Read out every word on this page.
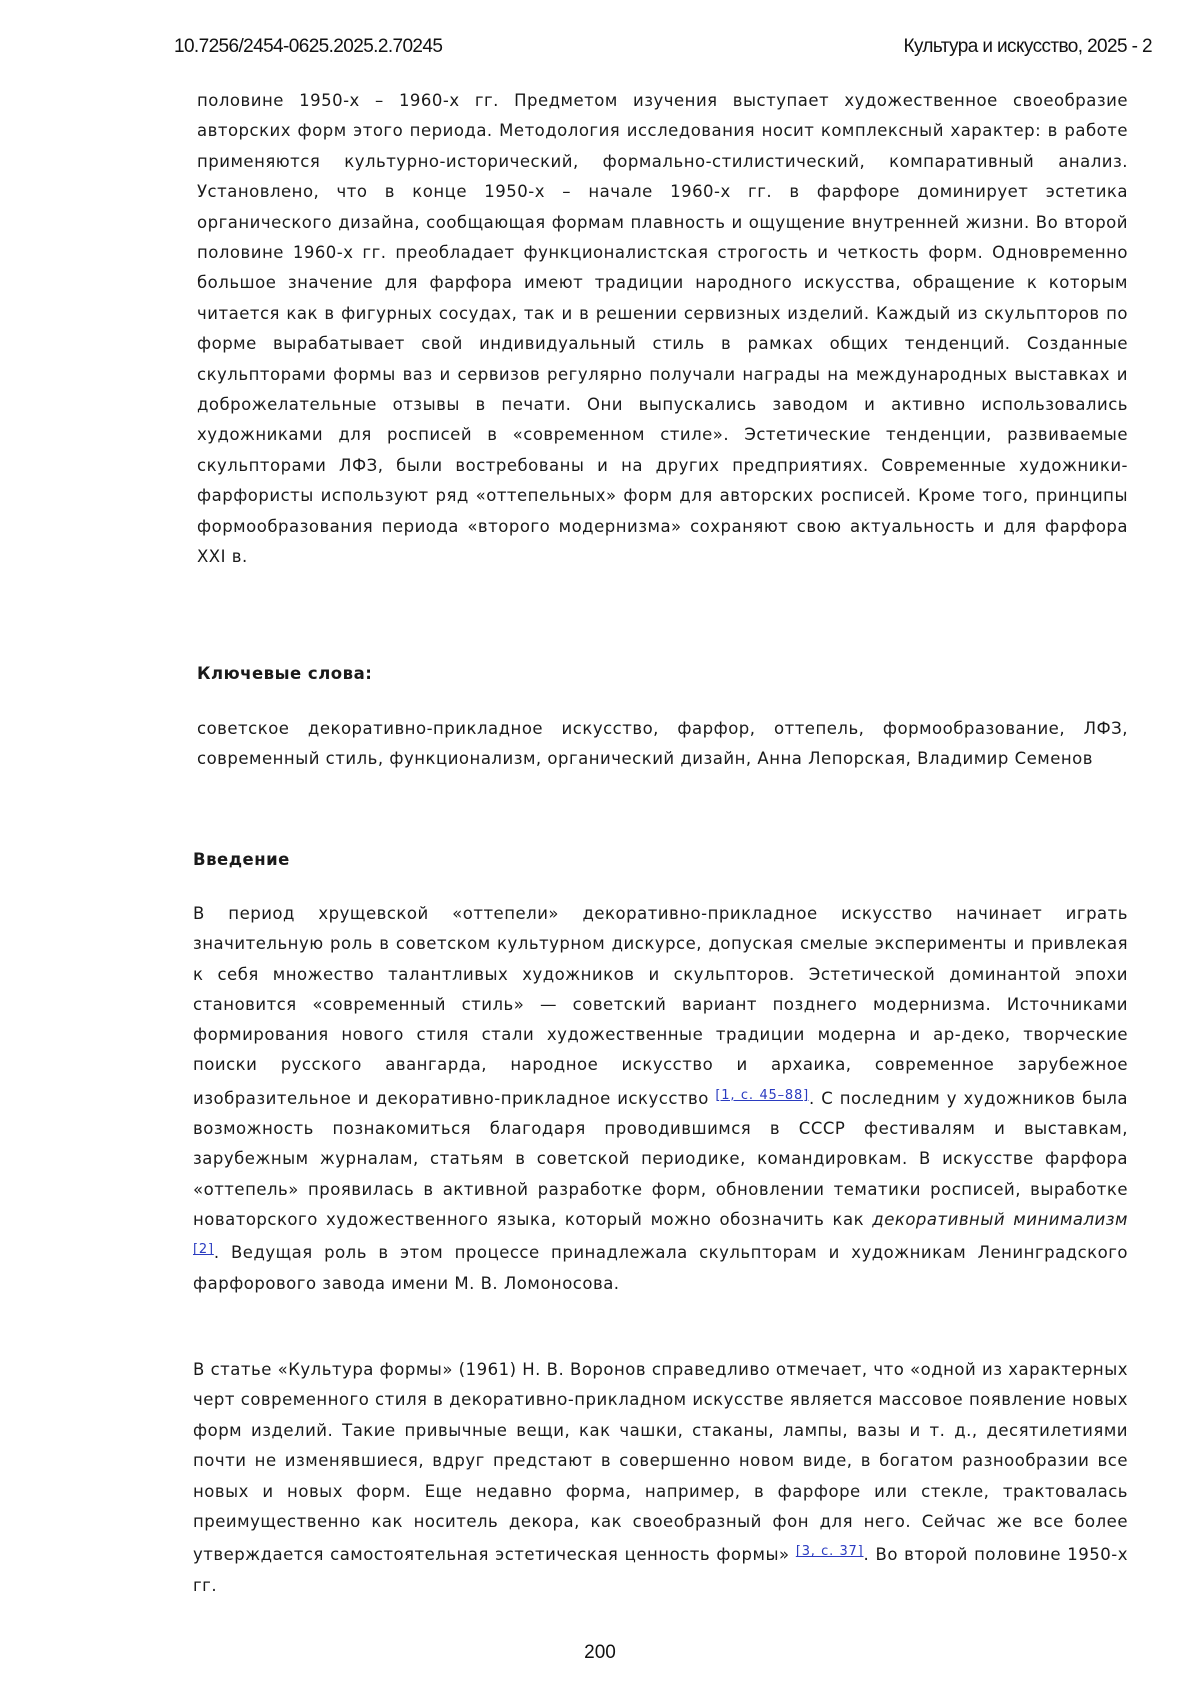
10.7256/2454-0625.2025.2.70245	Культура и искусство, 2025 - 2

половине 1950-х – 1960-х гг. Предметом изучения выступает художественное своеобразие авторских форм этого периода. Методология исследования носит комплексный характер: в работе применяются культурно-исторический, формально-стилистический, компаративный анализ. Установлено, что в конце 1950-х – начале 1960-х гг. в фарфоре доминирует эстетика органического дизайна, сообщающая формам плавность и ощущение внутренней жизни. Во второй половине 1960-х гг. преобладает функционалистская строгость и четкость форм. Одновременно большое значение для фарфора имеют традиции народного искусства, обращение к которым читается как в фигурных сосудах, так и в решении сервизных изделий. Каждый из скульпторов по форме вырабатывает свой индивидуальный стиль в рамках общих тенденций. Созданные скульпторами формы ваз и сервизов регулярно получали награды на международных выставках и доброжелательные отзывы в печати. Они выпускались заводом и активно использовались художниками для росписей в «современном стиле». Эстетические тенденции, развиваемые скульпторами ЛФЗ, были востребованы и на других предприятиях. Современные художники-фарфористы используют ряд «оттепельных» форм для авторских росписей. Кроме того, принципы формообразования периода «второго модернизма» сохраняют свою актуальность и для фарфора XXI в.

Ключевые слова:

советское декоративно-прикладное искусство, фарфор, оттепель, формообразование, ЛФЗ, современный стиль, функционализм, органический дизайн, Анна Лепорская, Владимир Семенов

Введение

В период хрущевской «оттепели» декоративно-прикладное искусство начинает играть значительную роль в советском культурном дискурсе, допуская смелые эксперименты и привлекая к себя множество талантливых художников и скульпторов. Эстетической доминантой эпохи становится «современный стиль» — советский вариант позднего модернизма. Источниками формирования нового стиля стали художественные традиции модерна и ар-деко, творческие поиски русского авангарда, народное искусство и архаика, современное зарубежное изобразительное и декоративно-прикладное искусство [1, с. 45–88]. С последним у художников была возможность познакомиться благодаря проводившимся в СССР фестивалям и выставкам, зарубежным журналам, статьям в советской периодике, командировкам. В искусстве фарфора «оттепель» проявилась в активной разработке форм, обновлении тематики росписей, выработке новаторского художественного языка, который можно обозначить как декоративный минимализм [2]. Ведущая роль в этом процессе принадлежала скульпторам и художникам Ленинградского фарфорового завода имени М. В. Ломоносова.

В статье «Культура формы» (1961) Н. В. Воронов справедливо отмечает, что «одной из характерных черт современного стиля в декоративно-прикладном искусстве является массовое появление новых форм изделий. Такие привычные вещи, как чашки, стаканы, лампы, вазы и т. д., десятилетиями почти не изменявшиеся, вдруг предстают в совершенно новом виде, в богатом разнообразии все новых и новых форм. Еще недавно форма, например, в фарфоре или стекле, трактовалась преимущественно как носитель декора, как своеобразный фон для него. Сейчас же все более утверждается самостоятельная эстетическая ценность формы» [3, с. 37]. Во второй половине 1950-х гг.

200
